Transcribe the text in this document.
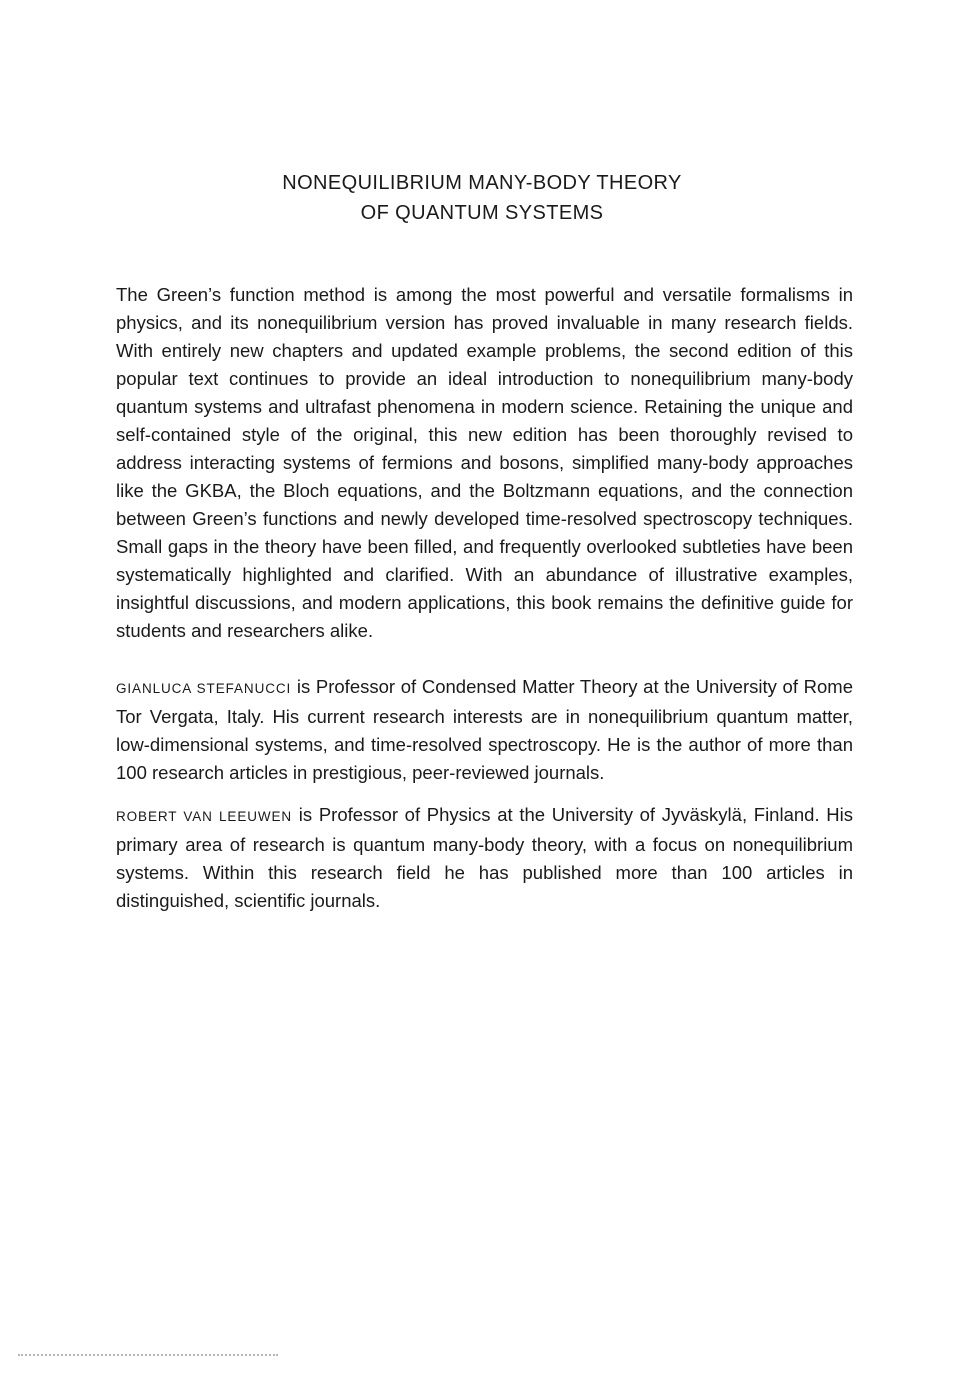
NONEQUILIBRIUM MANY-BODY THEORY
OF QUANTUM SYSTEMS

The Green’s function method is among the most powerful and versatile formalisms in physics, and its nonequilibrium version has proved invaluable in many research fields. With entirely new chapters and updated example problems, the second edition of this popular text continues to provide an ideal introduction to nonequilibrium many-body quantum systems and ultrafast phenomena in modern science. Retaining the unique and self-contained style of the original, this new edition has been thoroughly revised to address interacting systems of fermions and bosons, simplified many-body approaches like the GKBA, the Bloch equations, and the Boltzmann equations, and the connection between Green’s functions and newly developed time-resolved spectroscopy techniques. Small gaps in the theory have been filled, and frequently overlooked subtleties have been systematically highlighted and clarified. With an abundance of illustrative examples, insightful discussions, and modern applications, this book remains the definitive guide for students and researchers alike.

GIANLUCA STEFANUCCI is Professor of Condensed Matter Theory at the University of Rome Tor Vergata, Italy. His current research interests are in nonequilibrium quantum matter, low-dimensional systems, and time-resolved spectroscopy. He is the author of more than 100 research articles in prestigious, peer-reviewed journals.

ROBERT VAN LEEUWEN is Professor of Physics at the University of Jyväskylä, Finland. His primary area of research is quantum many-body theory, with a focus on nonequilibrium systems. Within this research field he has published more than 100 articles in distinguished, scientific journals.
